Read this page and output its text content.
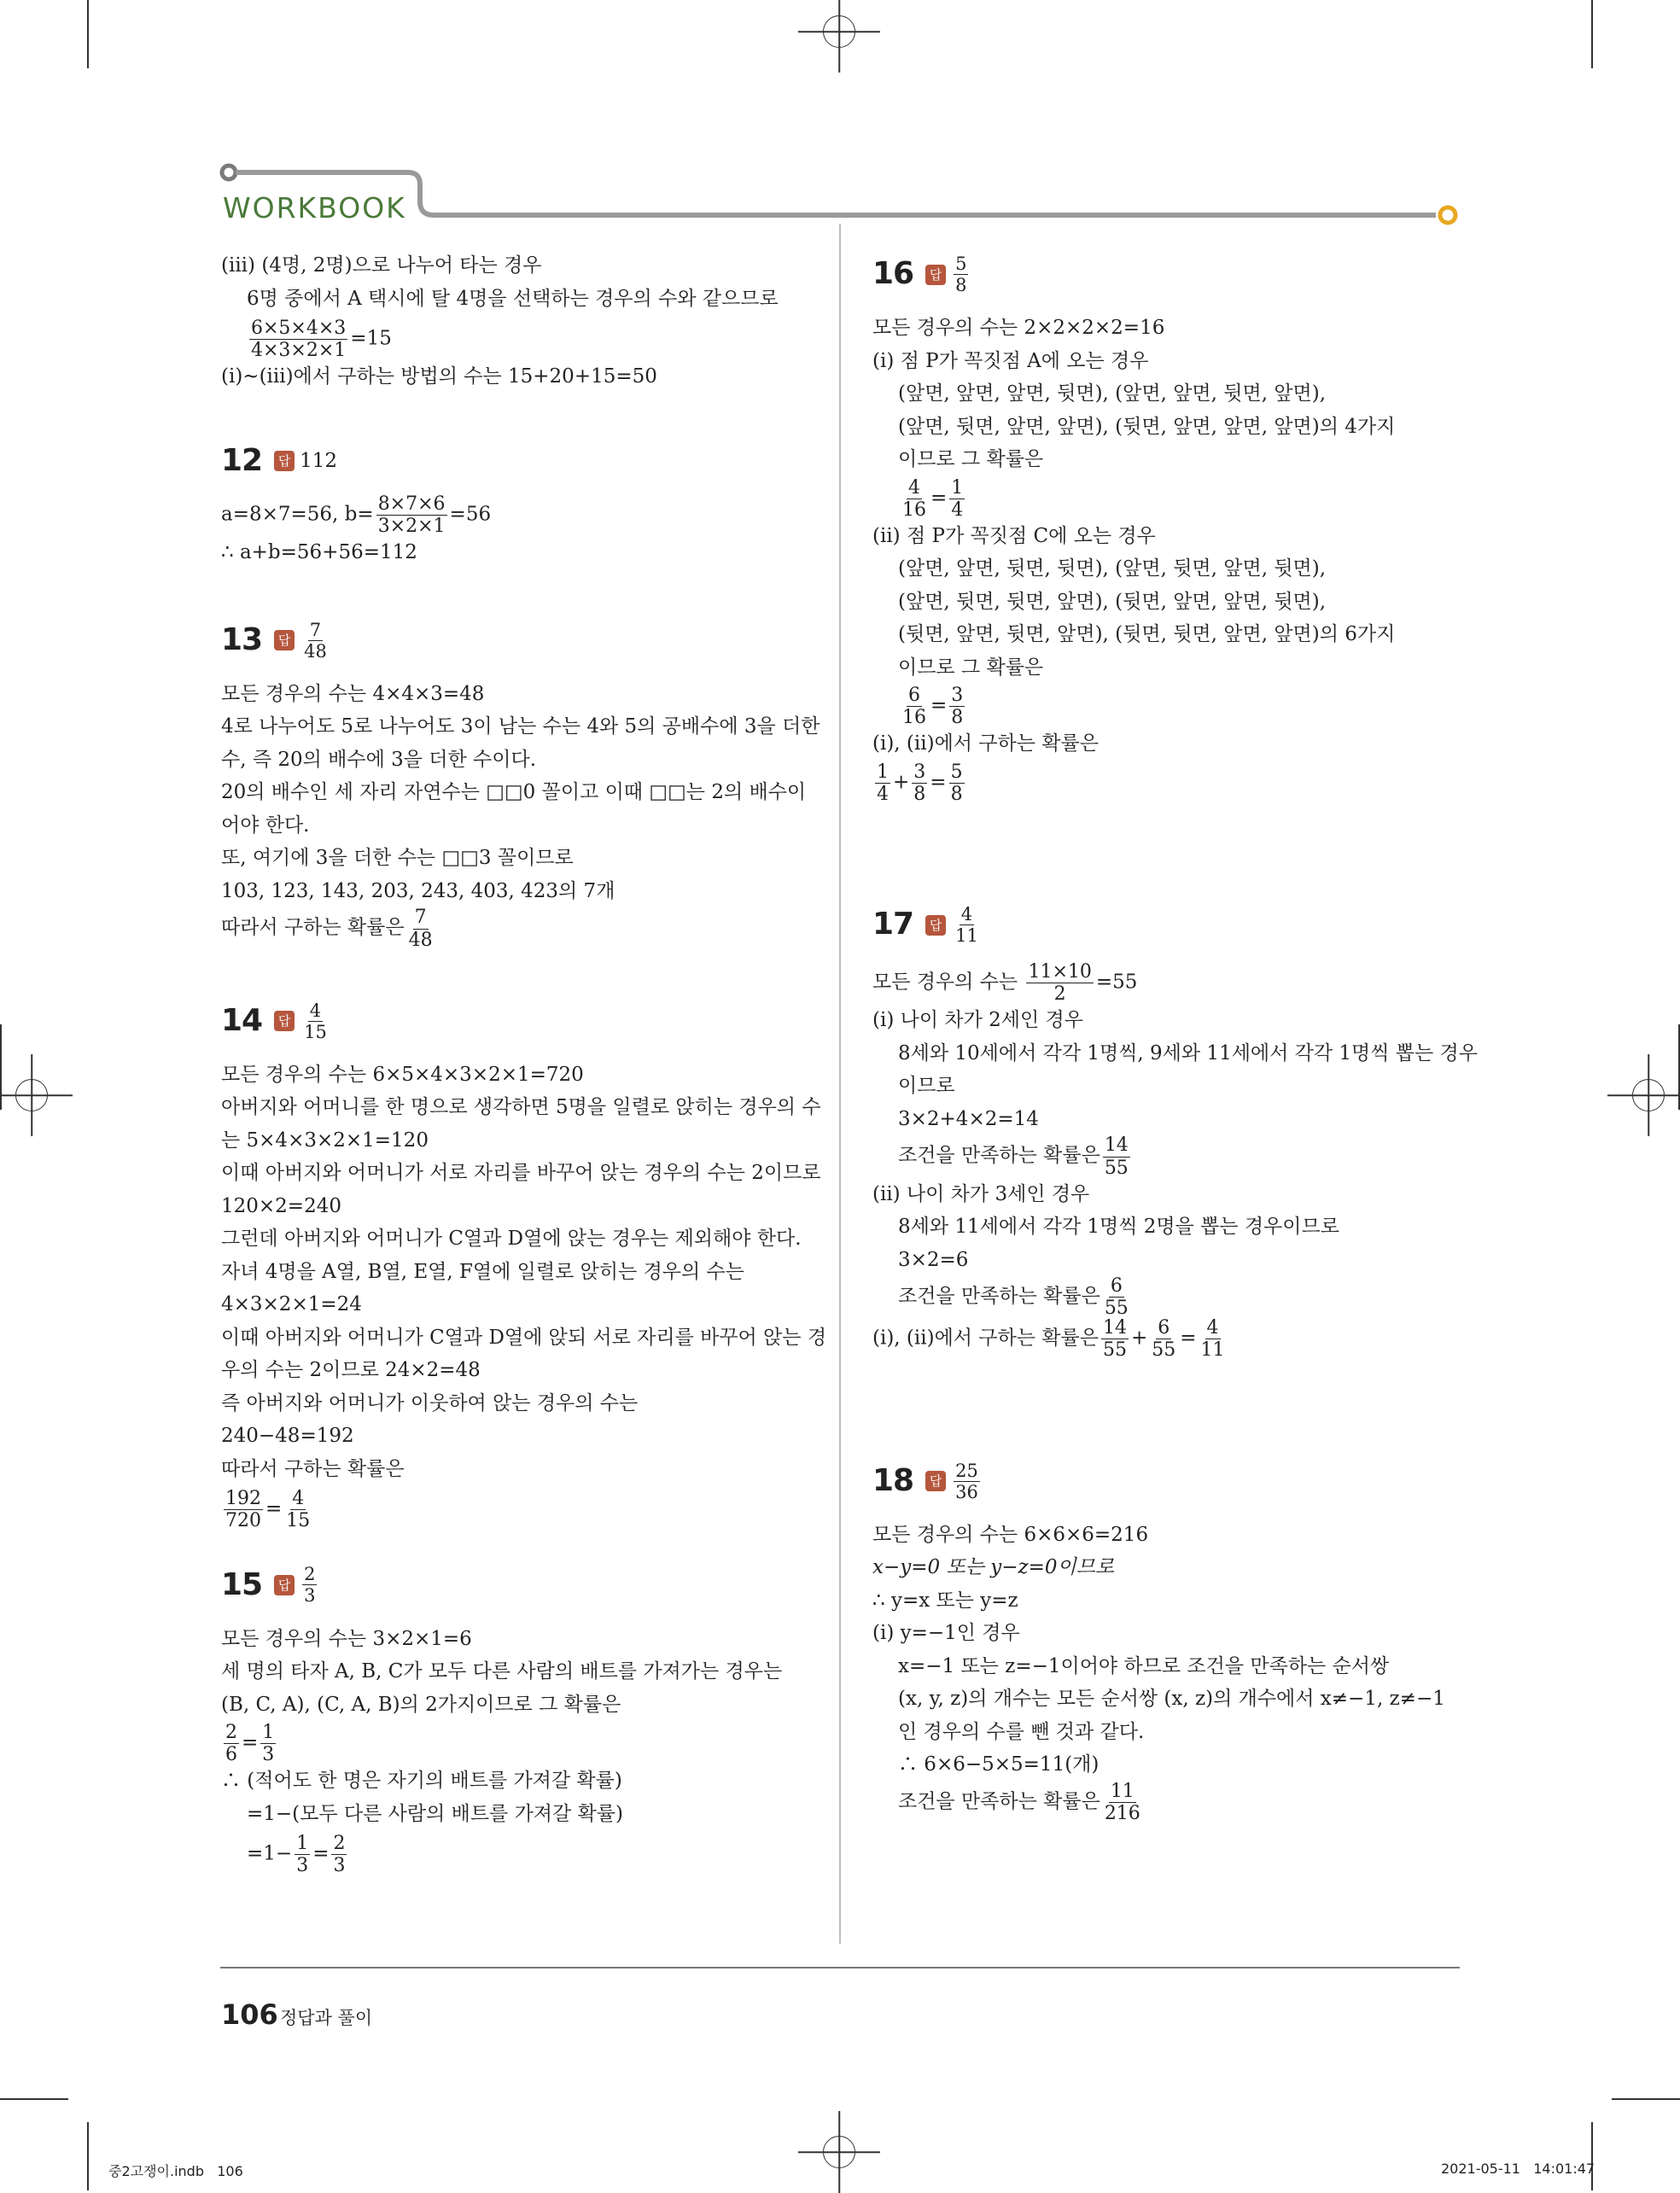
WORKBOOK
(iii) (4명, 2명)으로 나누어 타는 경우
6명 중에서 A 택시에 탈 4명을 선택하는 경우의 수와 같으므로
$\frac{6\times 5\times 4\times 3}{4\times 3\times 2\times 1} =15$
(i)~(iii)에서 구하는 방법의 수는 15+20+15=50
12	답 112
a=8×7=56, $b= \frac{8\times 7\times 6}{3\times 2\times 1} =56$
∴ a+b=56+56=112
13	답 $\frac{7}{48}$
모든 경우의 수는 4×4×3=48
4로 나누어도 5로 나누어도 3이 남는 수는 4와 5의 공배수에 3을 더한
수, 즉 20의 배수에 3을 더한 수이다.
20의 배수인 세 자리 자연수는 □□0 꼴이고 이때 □□는 2의 배수이
어야 한다.
또, 여기에 3을 더한 수는 □□3 꼴이므로
103, 123, 143, 203, 243, 403, 423의 7개
따라서 구하는 확률은 $\frac{7}{48}$
14	답 $\frac{4}{15}$
모든 경우의 수는 6×5×4×3×2×1=720
아버지와 어머니를 한 명으로 생각하면 5명을 일렬로 앉히는 경우의 수
는 5×4×3×2×1=120
이때 아버지와 어머니가 서로 자리를 바꾸어 앉는 경우의 수는 2이므로
120×2=240
그런데 아버지와 어머니가 C열과 D열에 앉는 경우는 제외해야 한다.
자녀 4명을 A열, B열, E열, F열에 일렬로 앉히는 경우의 수는
4×3×2×1=24
이때 아버지와 어머니가 C열과 D열에 앉되 서로 자리를 바꾸어 앉는 경
우의 수는 2이므로 24×2=48
즉 아버지와 어머니가 이웃하여 앉는 경우의 수는
240−48=192
따라서 구하는 확률은
$\frac{192}{720} = \frac{4}{15}$
15	답 $\frac{2}{3}$
모든 경우의 수는 3×2×1=6
세 명의 타자 A, B, C가 모두 다른 사람의 배트를 가져가는 경우는
(B, C, A), (C, A, B)의 2가지이므로 그 확률은
$\frac{2}{6} = \frac{1}{3}$
∴ (적어도 한 명은 자기의 배트를 가져갈 확률)
=1−(모두 다른 사람의 배트를 가져갈 확률)
$=1- \frac{1}{3} = \frac{2}{3}$
16	답 $\frac{5}{8}$
모든 경우의 수는 2×2×2×2=16
(i) 점 P가 꼭짓점 A에 오는 경우
(앞면, 앞면, 앞면, 뒷면), (앞면, 앞면, 뒷면, 앞면),
(앞면, 뒷면, 앞면, 앞면), (뒷면, 앞면, 앞면, 앞면)의 4가지
이므로 그 확률은
$\frac{4}{16} = \frac{1}{4}$
(ii) 점 P가 꼭짓점 C에 오는 경우
(앞면, 앞면, 뒷면, 뒷면), (앞면, 뒷면, 앞면, 뒷면),
(앞면, 뒷면, 뒷면, 앞면), (뒷면, 앞면, 앞면, 뒷면),
(뒷면, 앞면, 뒷면, 앞면), (뒷면, 뒷면, 앞면, 앞면)의 6가지
이므로 그 확률은
$\frac{6}{16} = \frac{3}{8}$
(i), (ii)에서 구하는 확률은
$\frac{1}{4} + \frac{3}{8} = \frac{5}{8}$
17	답 $\frac{4}{11}$
모든 경우의 수는 $\frac{11\times 10}{2} =55$
(i) 나이 차가 2세인 경우
8세와 10세에서 각각 1명씩, 9세와 11세에서 각각 1명씩 뽑는 경우
이므로
3×2+4×2=14
조건을 만족하는 확률은 $\frac{14}{55}$
(ii) 나이 차가 3세인 경우
8세와 11세에서 각각 1명씩 2명을 뽑는 경우이므로
3×2=6
조건을 만족하는 확률은 $\frac{6}{55}$
(i), (ii)에서 구하는 확률은 $\frac{14}{55} + \frac{6}{55} = \frac{4}{11}$
18	답 $\frac{25}{36}$
모든 경우의 수는 6×6×6=216
x−y=0 또는 y−z=0이므로
∴ y=x 또는 y=z
(i) y=−1인 경우
x=−1 또는 z=−1이어야 하므로 조건을 만족하는 순서쌍
(x, y, z)의 개수는 모든 순서쌍 (x, z)의 개수에서 x≠−1, z≠−1
인 경우의 수를 뺀 것과 같다.
∴ 6×6−5×5=11(개)
조건을 만족하는 확률은 $\frac{11}{216}$
106 정답과 풀이
중2고쟁이.indb   106	2021-05-11   14:01:47
